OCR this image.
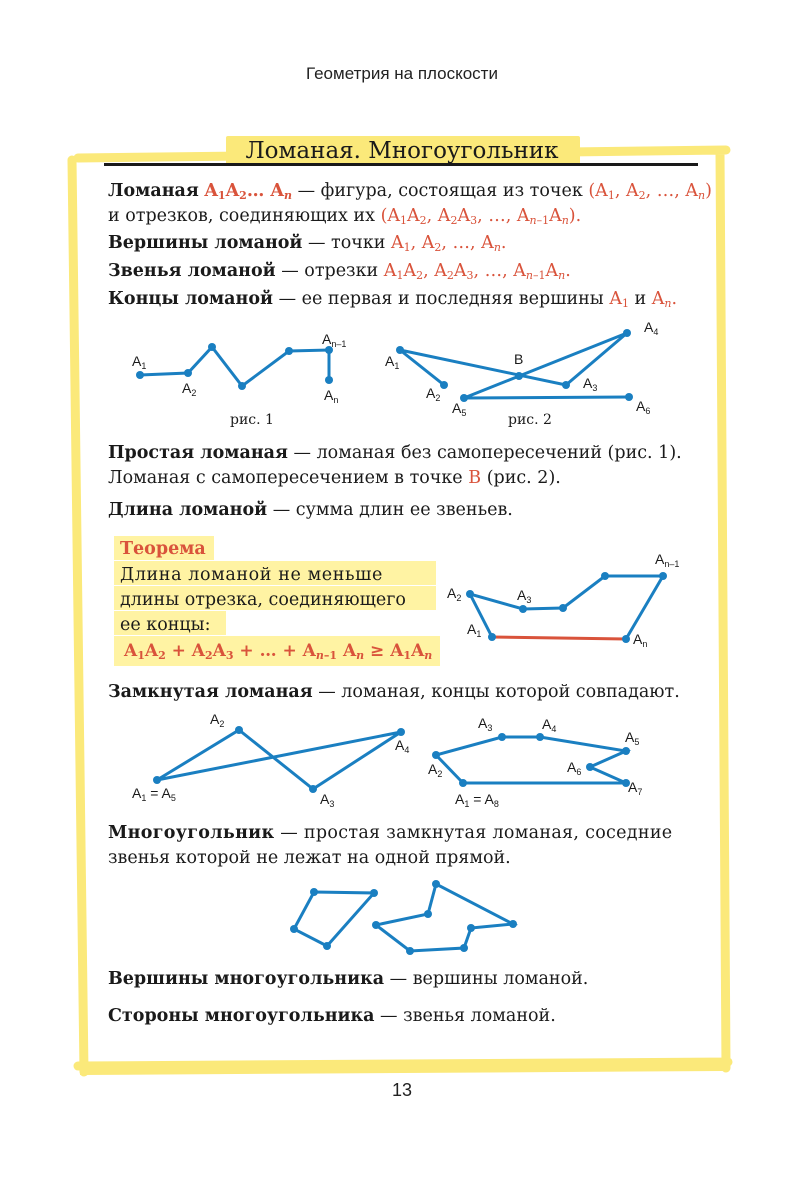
Геометрия на плоскости
Ломаная. Многоугольник
Ломаная $A_1A_2\dots$ $A_n$ — фигура, состоящая из точек ($A_1$, $A_2$, …, $A_n$)
и отрезков, соединяющих их ($A_1A_2$, $A_2A_3$, …, $A_{n-1}A_n$).
Вершины ломаной — точки $A_1$, $A_2$, …, $A_n$.
Звенья ломаной — отрезки $A_1A_2$, $A_2A_3$, …, $A_{n-1}A_n$.
Концы ломаной — ее первая и последняя вершины $A_1$ и $A_n$.
$A_1$
$A_2$
$A_{n-1}$
$A_n$
рис. 1
$A_1$
$A_2$
B
$A_3$
$A_4$
$A_5$	$A_6$
рис. 2
Простая ломаная — ломаная без самопересечений (рис. 1).
Ломаная с самопересечением в точке B (рис. 2).
Длина ломаной — сумма длин ее звеньев.
Теорема
Длина ломаной не меньше
длины отрезка, соединяющего
ее концы:
$A_1A_2 + A_2A_3$ + … + $A_{n-1}$ $A_n \ge A_1A_n$
$A_2$	$A_3$
$A_1$
$A_{n-1}$
$A_n$
Замкнутая ломаная — ломаная, концы которой совпадают.
$A_2$
$A_4$
$A_1 = A_5$	$A_3$
$A_3$	$A_4$	$A_5$
$A_2$	$A_6$
$A_7$
$A_1 = A_8$
Многоугольник — простая замкнутая ломаная, соседние
звенья которой не лежат на одной прямой.
Вершины многоугольника — вершины ломаной.
Стороны многоугольника — звенья ломаной.
13
